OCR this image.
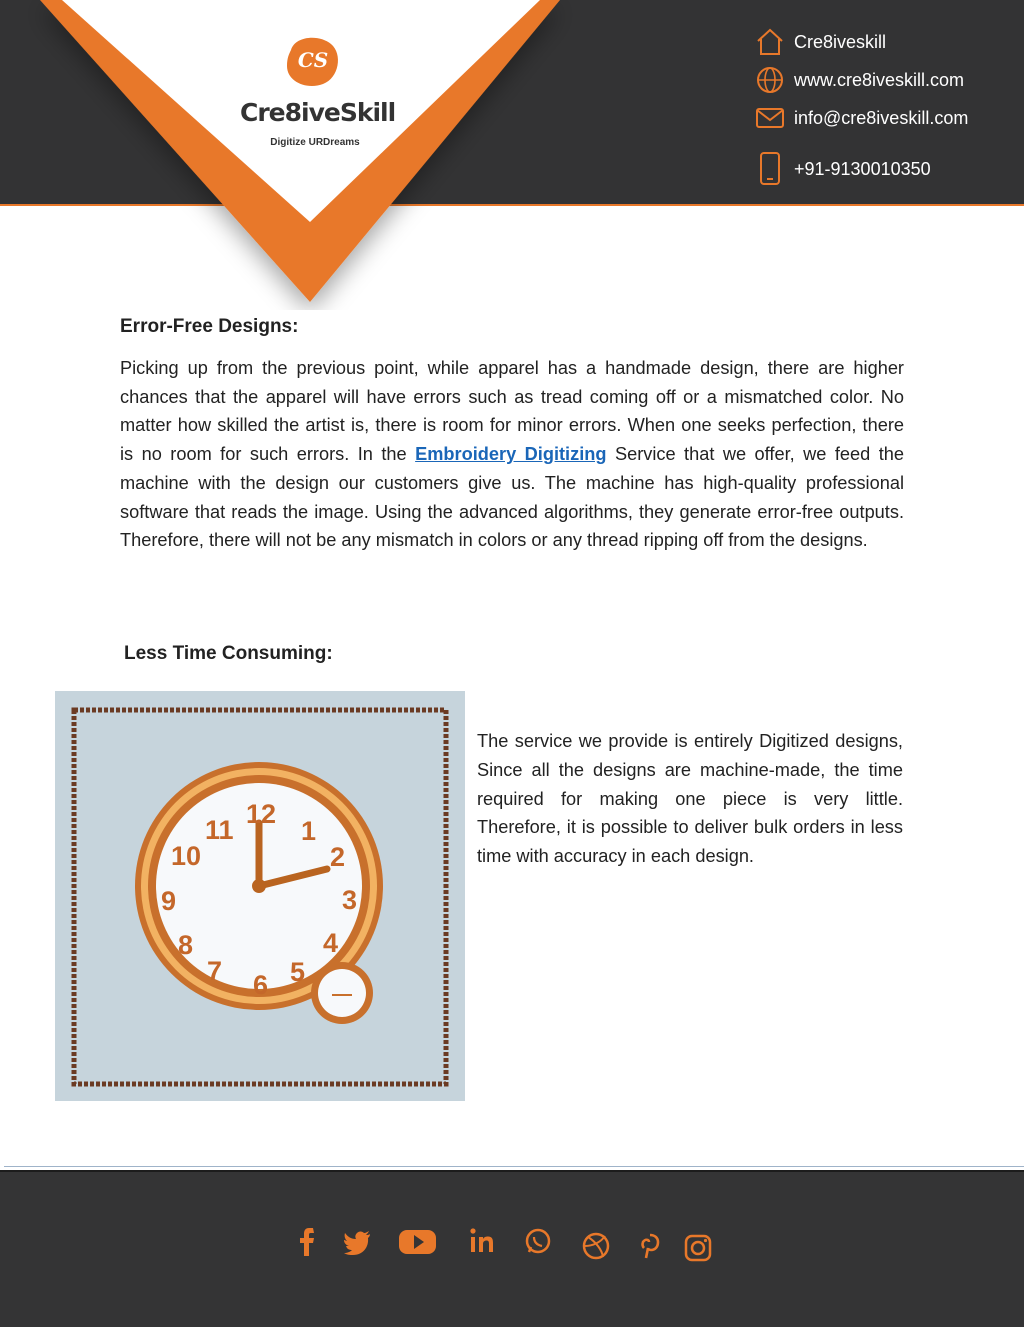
CS
Cre8iveSkill
Digitize URDreams
Cre8iveskill
www.cre8iveskill.com
info@cre8iveskill.com
+91-9130010350
Error-Free Designs:

Picking up from the previous point, while apparel has a handmade design, there are higher chances that the apparel will have errors such as tread coming off or a mismatched color. No matter how skilled the artist is, there is room for minor errors. When one seeks perfection, there is no room for such errors. In the Embroidery Digitizing Service that we offer, we feed the machine with the design our customers give us. The machine has high-quality professional software that reads the image. Using the advanced algorithms, they generate error-free outputs. Therefore, there will not be any mismatch in colors or any thread ripping off from the designs.

Less Time Consuming:
12
1
2
3
4
5
6
7
8
9
10
11

The service we provide is entirely Digitized designs, Since all the designs are machine-made, the time required for making one piece is very little. Therefore, it is possible to deliver bulk orders in less time with accuracy in each design.
